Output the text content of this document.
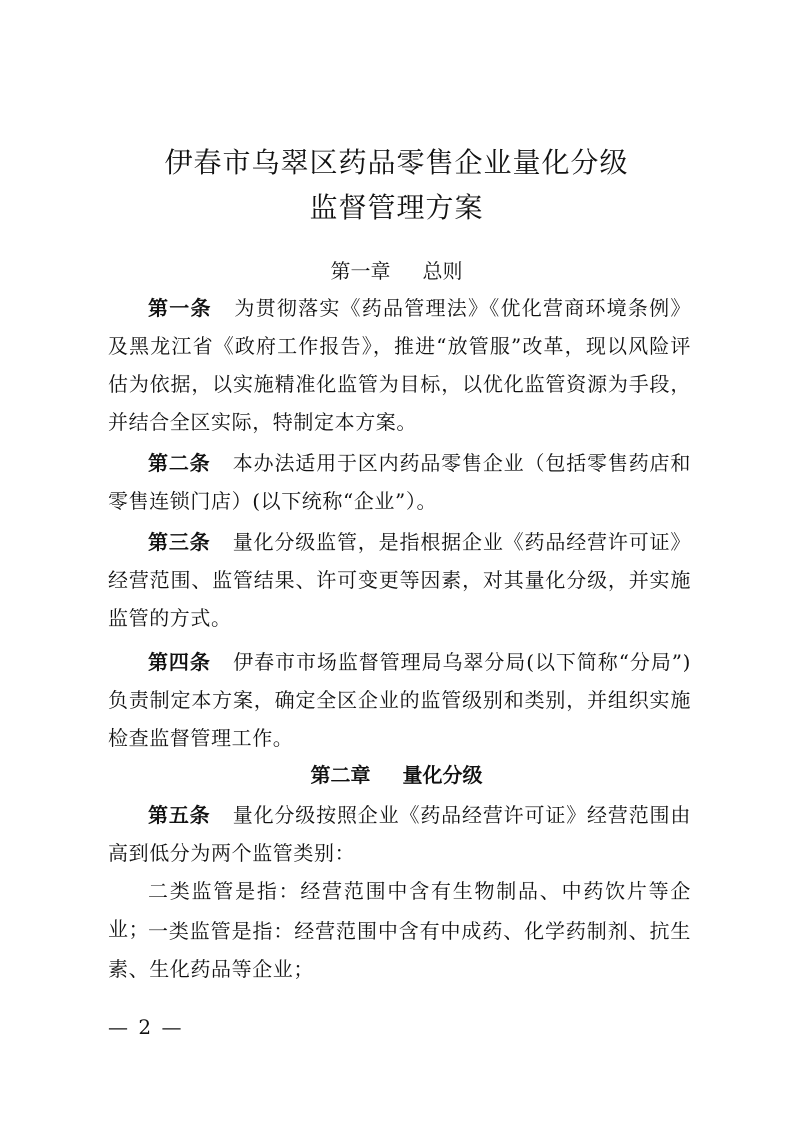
伊春市乌翠区药品零售企业量化分级
监督管理方案
第一章 总则

第一条 为贯彻落实《药品管理法》《优化营商环境条例》及黑龙江省《政府工作报告》，推进“放管服”改革，现以风险评估为依据，以实施精准化监管为目标，以优化监管资源为手段，并结合全区实际，特制定本方案。

第二条 本办法适用于区内药品零售企业（包括零售药店和零售连锁门店）(以下统称“企业”）。

第三条 量化分级监管，是指根据企业《药品经营许可证》经营范围、监管结果、许可变更等因素，对其量化分级，并实施监管的方式。

第四条 伊春市市场监督管理局乌翠分局(以下简称“分局”)负责制定本方案，确定全区企业的监管级别和类别，并组织实施检查监督管理工作。

第二章 量化分级

第五条 量化分级按照企业《药品经营许可证》经营范围由高到低分为两个监管类别：

二类监管是指：经营范围中含有生物制品、中药饮片等企业；

一类监管是指：经营范围中含有中成药、化学药制剂、抗生素、生化药品等企业；

— 2 —
